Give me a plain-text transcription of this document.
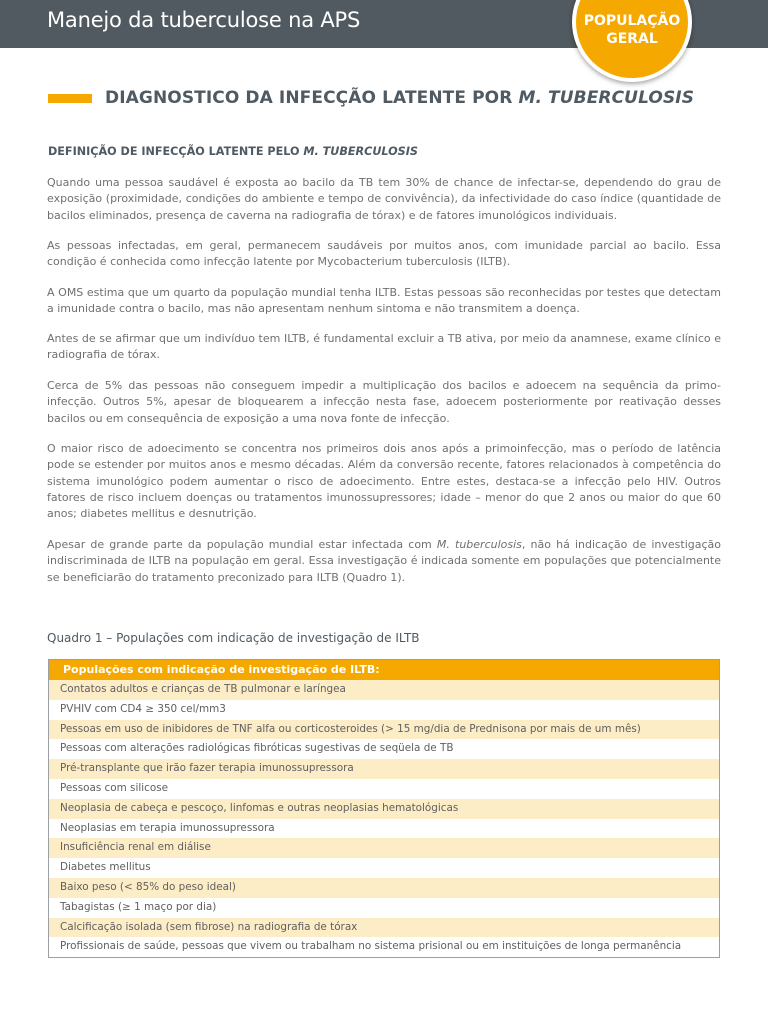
Manejo da tuberculose na APS	POPULAÇÃO
GERAL
DIAGNOSTICO DA INFECÇÃO LATENTE POR M. TUBERCULOSIS
DEFINIÇÃO DE INFECÇÃO LATENTE PELO M. TUBERCULOSIS
Quando uma pessoa saudável é exposta ao bacilo da TB tem 30% de chance de infectar-se, dependendo do grau de exposição (proximidade, condições do ambiente e tempo de convivência), da infectividade do caso índice (quantidade de bacilos eliminados, presença de caverna na radiografia de tórax) e de fatores imunológicos individuais.
As pessoas infectadas, em geral, permanecem saudáveis por muitos anos, com imunidade parcial ao bacilo. Essa condição é conhecida como infecção latente por Mycobacterium tuberculosis (ILTB).
A OMS estima que um quarto da população mundial tenha ILTB. Estas pessoas são reconhecidas por testes que detectam a imunidade contra o bacilo, mas não apresentam nenhum sintoma e não transmitem a doença.
Antes de se afirmar que um indivíduo tem ILTB, é fundamental excluir a TB ativa, por meio da anamnese, exame clínico e radiografia de tórax.
Cerca de 5% das pessoas não conseguem impedir a multiplicação dos bacilos e adoecem na sequência da primo-infecção. Outros 5%, apesar de bloquearem a infecção nesta fase, adoecem posteriormente por reativação desses bacilos ou em consequência de exposição a uma nova fonte de infecção.
O maior risco de adoecimento se concentra nos primeiros dois anos após a primoinfecção, mas o período de latência pode se estender por muitos anos e mesmo décadas. Além da conversão recente, fatores relacionados à competência do sistema imunológico podem aumentar o risco de adoecimento. Entre estes, destaca-se a infecção pelo HIV. Outros fatores de risco incluem doenças ou tratamentos imunossupressores; idade – menor do que 2 anos ou maior do que 60 anos; diabetes mellitus e desnutrição.
Apesar de grande parte da população mundial estar infectada com M. tuberculosis, não há indicação de investigação indiscriminada de ILTB na população em geral. Essa investigação é indicada somente em populações que potencialmente se beneficiarão do tratamento preconizado para ILTB (Quadro 1).
Quadro 1 – Populações com indicação de investigação de ILTB
Populações com indicação de investigação de ILTB:
Contatos adultos e crianças de TB pulmonar e laríngea
PVHIV com CD4 ≥ 350 cel/mm3
Pessoas em uso de inibidores de TNF alfa ou corticosteroides (> 15 mg/dia de Prednisona por mais de um mês)
Pessoas com alterações radiológicas fibróticas sugestivas de seqüela de TB
Pré-transplante que irão fazer terapia imunossupressora
Pessoas com silicose
Neoplasia de cabeça e pescoço, linfomas e outras neoplasias hematológicas
Neoplasias em terapia imunossupressora
Insuficiência renal em diálise
Diabetes mellitus
Baixo peso (< 85% do peso ideal)
Tabagistas (≥ 1 maço por dia)
Calcificação isolada (sem fibrose) na radiografia de tórax
Profissionais de saúde, pessoas que vivem ou trabalham no sistema prisional ou em instituições de longa permanência
